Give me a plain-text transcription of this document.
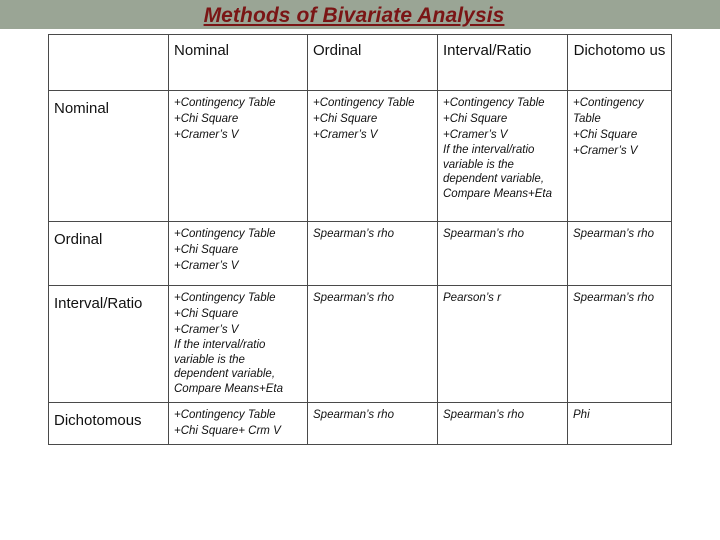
Methods of Bivariate Analysis
	Nominal	Ordinal	Interval/Ratio	Dichotomo us
Nominal	+Contingency Table
+Chi Square
+Cramer’s V	+Contingency Table
+Chi Square
+Cramer’s V	+Contingency Table
+Chi Square
+Cramer’s V
If the interval/ratio variable is the dependent variable, Compare Means+Eta	+Contingency
Table
+Chi Square
+Cramer’s V

Ordinal	+Contingency Table
+Chi Square
+Cramer’s V	Spearman’s rho	Spearman’s rho	Spearman’s rho

Interval/Ratio	+Contingency Table
+Chi Square
+Cramer’s V
If the interval/ratio variable is the dependent variable, Compare Means+Eta	Spearman’s rho	Pearson’s r	Spearman’s rho

Dichotomous	+Contingency Table
+Chi Square+ Crm V	Spearman’s rho	Spearman’s rho	Phi
